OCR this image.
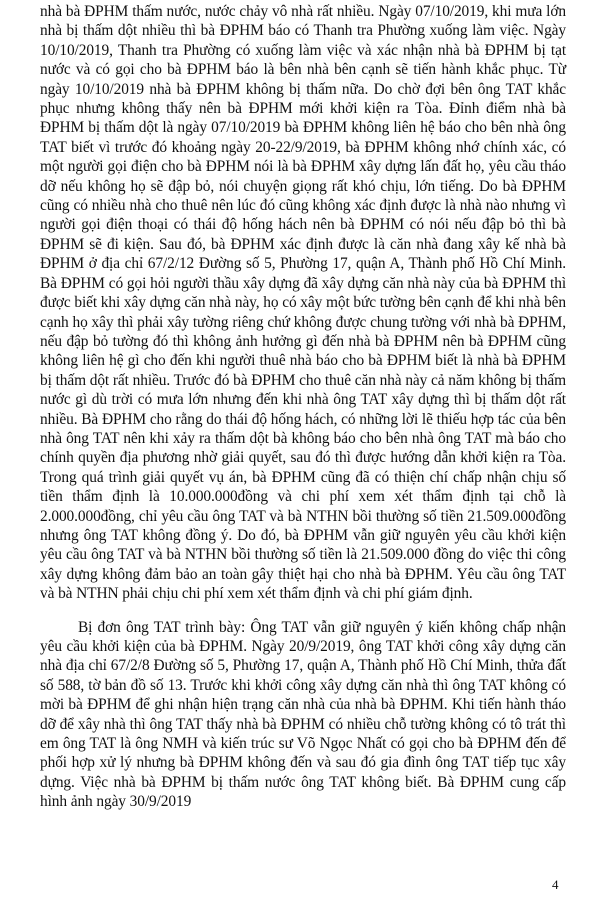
nhà bà ĐPHM thấm nước, nước chảy vô nhà rất nhiều. Ngày 07/10/2019, khi mưa lớn nhà bị thấm dột nhiều thì bà ĐPHM báo có Thanh tra Phường xuống làm việc. Ngày 10/10/2019, Thanh tra Phường có xuống làm việc và xác nhận nhà bà ĐPHM bị tạt nước và có gọi cho bà ĐPHM báo là bên nhà bên cạnh sẽ tiến hành khắc phục. Từ ngày 10/10/2019 nhà bà ĐPHM không bị thấm nữa. Do chờ đợi bên ông TAT khắc phục nhưng không thấy nên bà ĐPHM mới khởi kiện ra Tòa. Đỉnh điểm nhà bà ĐPHM bị thấm dột là ngày 07/10/2019 bà ĐPHM không liên hệ báo cho bên nhà ông TAT biết vì trước đó khoảng ngày 20-22/9/2019, bà ĐPHM không nhớ chính xác, có một người gọi điện cho bà ĐPHM nói là bà ĐPHM xây dựng lấn đất họ, yêu cầu tháo dỡ nếu không họ sẽ đập bỏ, nói chuyện giọng rất khó chịu, lớn tiếng. Do bà ĐPHM cũng có nhiều nhà cho thuê nên lúc đó cũng không xác định được là nhà nào nhưng vì người gọi điện thoại có thái độ hống hách nên bà ĐPHM có nói nếu đập bỏ thì bà ĐPHM sẽ đi kiện. Sau đó, bà ĐPHM xác định được là căn nhà đang xây kế nhà bà ĐPHM ở địa chỉ 67/2/12 Đường số 5, Phường 17, quận A, Thành phố Hồ Chí Minh. Bà ĐPHM có gọi hỏi người thầu xây dựng đã xây dựng căn nhà này của bà ĐPHM thì được biết khi xây dựng căn nhà này, họ có xây một bức tường bên cạnh để khi nhà bên cạnh họ xây thì phải xây tường riêng chứ không được chung tường với nhà bà ĐPHM, nếu đập bỏ tường đó thì không ảnh hưởng gì đến nhà bà ĐPHM nên bà ĐPHM cũng không liên hệ gì cho đến khi người thuê nhà báo cho bà ĐPHM biết là nhà bà ĐPHM bị thấm dột rất nhiều. Trước đó bà ĐPHM cho thuê căn nhà này cả năm không bị thấm nước gì dù trời có mưa lớn nhưng đến khi nhà ông TAT xây dựng thì bị thấm dột rất nhiều. Bà ĐPHM cho rằng do thái độ hống hách, có những lời lẽ thiếu hợp tác của bên nhà ông TAT nên khi xảy ra thấm dột bà không báo cho bên nhà ông TAT mà báo cho chính quyền địa phương nhờ giải quyết, sau đó thì được hướng dẫn khởi kiện ra Tòa. Trong quá trình giải quyết vụ án, bà ĐPHM cũng đã có thiện chí chấp nhận chịu số tiền thẩm định là 10.000.000đồng và chi phí xem xét thẩm định tại chỗ là 2.000.000đồng, chỉ yêu cầu ông TAT và bà NTHN bồi thường số tiền 21.509.000đồng nhưng ông TAT không đồng ý. Do đó, bà ĐPHM vẫn giữ nguyên yêu cầu khởi kiện yêu cầu ông TAT và bà NTHN bồi thường số tiền là 21.509.000 đồng do việc thi công xây dựng không đảm bảo an toàn gây thiệt hại cho nhà bà ĐPHM. Yêu cầu ông TAT và bà NTHN phải chịu chi phí xem xét thẩm định và chi phí giám định.

Bị đơn ông TAT trình bày: Ông TAT vẫn giữ nguyên ý kiến không chấp nhận yêu cầu khởi kiện của bà ĐPHM. Ngày 20/9/2019, ông TAT khởi công xây dựng căn nhà địa chỉ 67/2/8 Đường số 5, Phường 17, quận A, Thành phố Hồ Chí Minh, thửa đất số 588, tờ bản đồ số 13. Trước khi khởi công xây dựng căn nhà thì ông TAT không có mời bà ĐPHM để ghi nhận hiện trạng căn nhà của nhà bà ĐPHM. Khi tiến hành tháo dỡ để xây nhà thì ông TAT thấy nhà bà ĐPHM có nhiều chỗ tường không có tô trát thì em ông TAT là ông NMH và kiến trúc sư Võ Ngọc Nhất có gọi cho bà ĐPHM đến để phối hợp xử lý nhưng bà ĐPHM không đến và sau đó gia đình ông TAT tiếp tục xây dựng. Việc nhà bà ĐPHM bị thấm nước ông TAT không biết. Bà ĐPHM cung cấp hình ảnh ngày 30/9/2019

4
